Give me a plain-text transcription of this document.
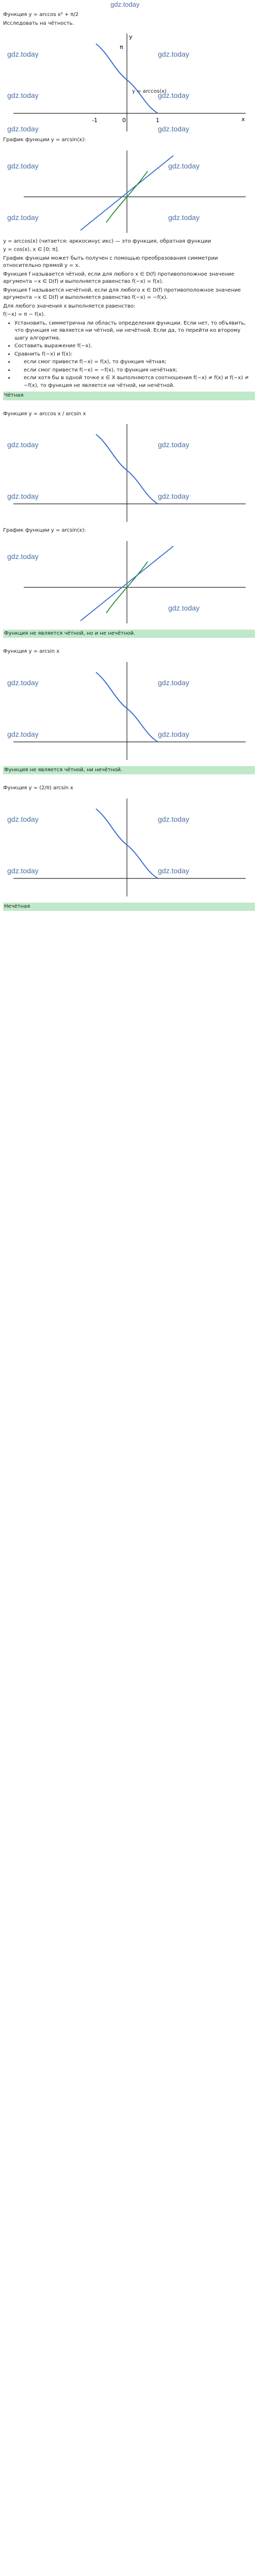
gdz.today
Функция y = arccos x² + π/2
Исследовать на чётность.
y
x
π
-1	0	1
y = arccos(x)
gdz.today	gdz.today
gdz.today	gdz.today
gdz.today	gdz.today
График функции y = arcsin(x):
gdz.today	gdz.today
gdz.today	gdz.today
y = arccos(x) (читается: арккосинус икс) — это функция, обратная функции
y = cos(x), x ∈ [0; π].
График функции может быть получен с помощью преобразования симметрии относительно прямой y = x.
Функция f называется чётной, если для любого x ∈ D(f) противоположное значение аргумента −x ∈ D(f) и выполняется равенство f(−x) = f(x).
Функция f называется нечётной, если для любого x ∈ D(f) противоположное значение аргумента −x ∈ D(f) и выполняется равенство f(−x) = −f(x).
Для любого значения x выполняется равенство:
f(−x) = π − f(x).
• Установить, симметрична ли область определения функции. Если нет, то объявить, что функция не является ни чётной, ни нечётной. Если да, то перейти ко второму шагу алгоритма.
• Составить выражение f(−x).
• Сравнить f(−x) и f(x):
• если смог привести f(−x) = f(x), то функция чётная;
• если смог привести f(−x) = −f(x), то функция нечётная;
• если хотя бы в одной точке x ∈ X выполняются соотношения f(−x) ≠ f(x) и f(−x) ≠ −f(x), то функция не является ни чётной, ни нечётной.
Чётная
Функция y = arccos x / arcsin x
gdz.today	gdz.today
gdz.today	gdz.today
График функции y = arcsin(x):
gdz.today
gdz.today
Функция не является чётной, но и не нечётной.
Функция y = arcsin x
gdz.today	gdz.today
gdz.today	gdz.today
Функция не является чётной, ни нечётной.
Функция y = (2/π) arcsin x
gdz.today	gdz.today
gdz.today	gdz.today
Нечётная
